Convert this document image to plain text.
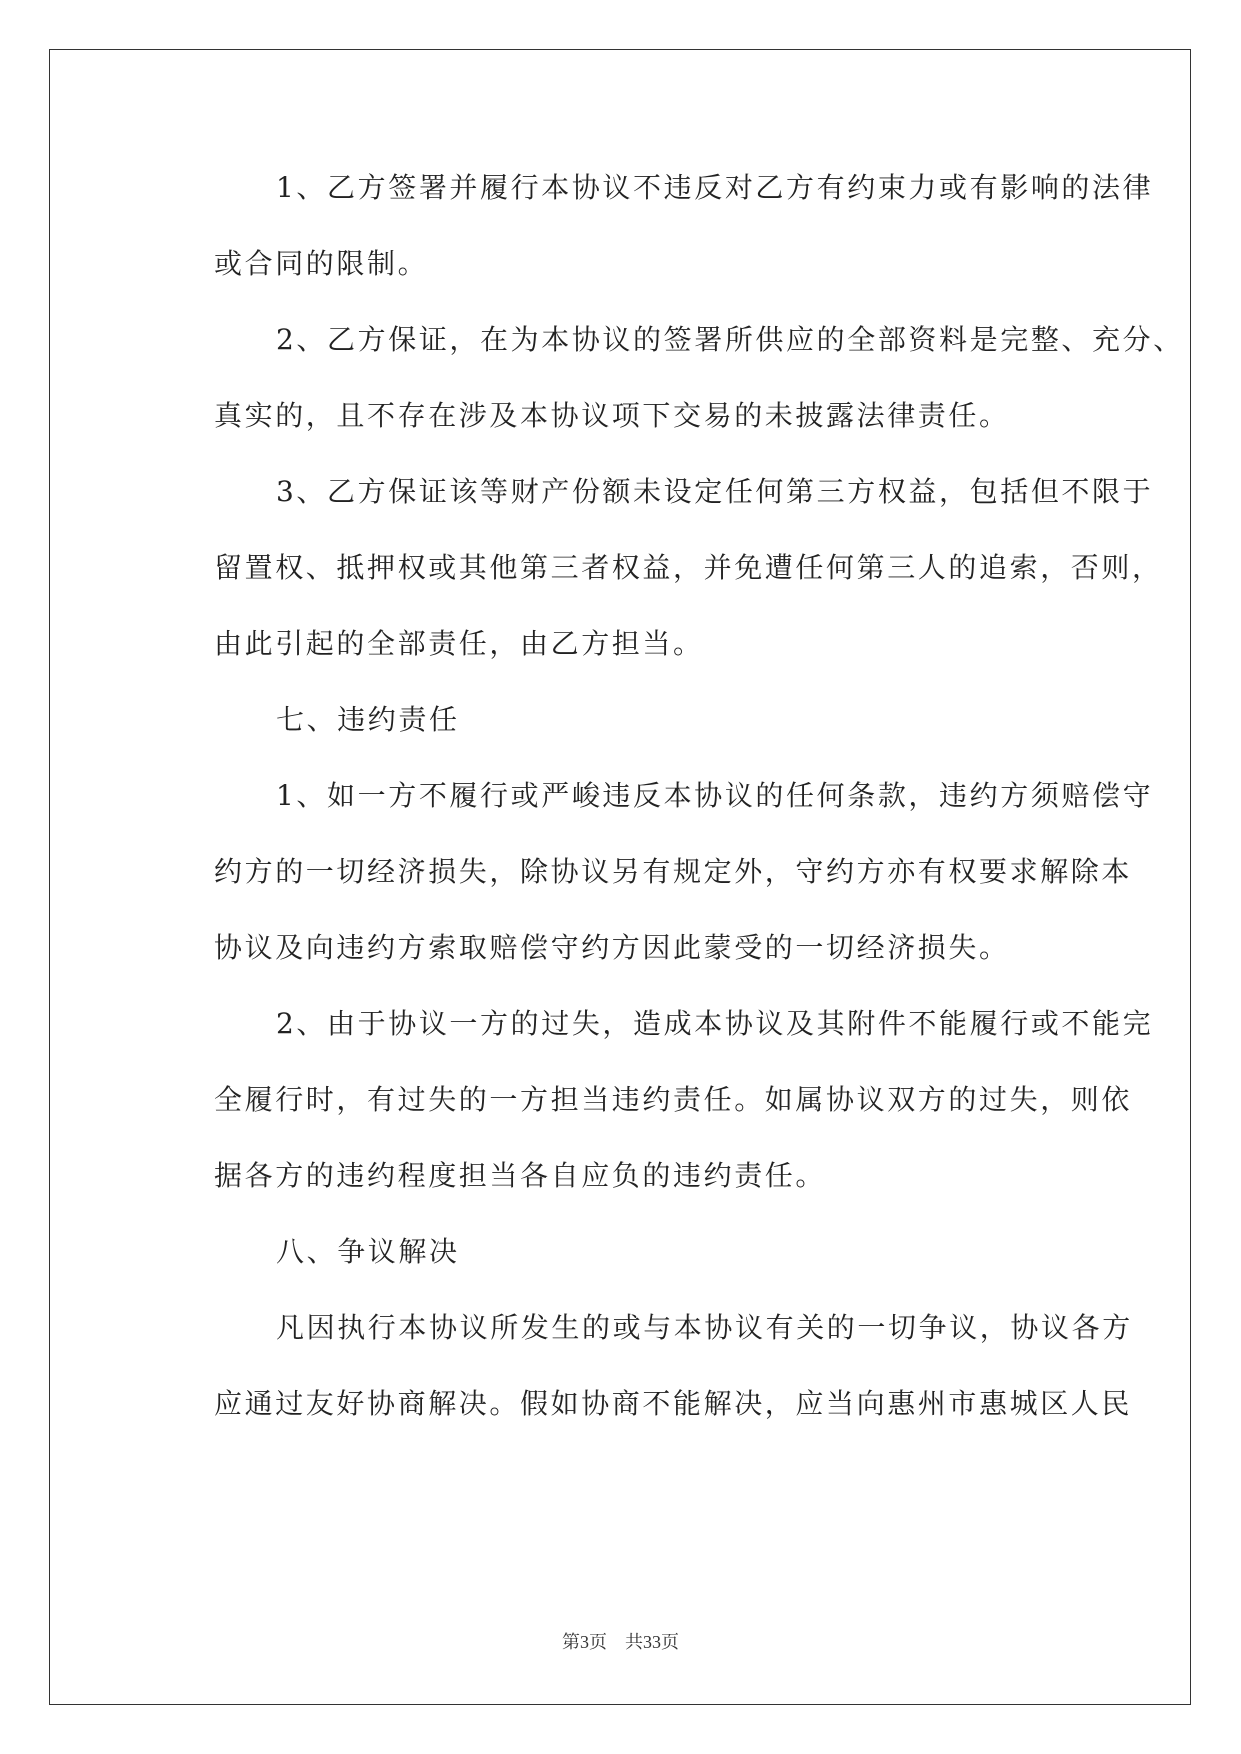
1、乙方签署并履行本协议不违反对乙方有约束力或有影响的法律
或合同的限制。
2、乙方保证，在为本协议的签署所供应的全部资料是完整、充分、
真实的，且不存在涉及本协议项下交易的未披露法律责任。
3、乙方保证该等财产份额未设定任何第三方权益，包括但不限于
留置权、抵押权或其他第三者权益，并免遭任何第三人的追索，否则，
由此引起的全部责任，由乙方担当。
七、违约责任
1、如一方不履行或严峻违反本协议的任何条款，违约方须赔偿守
约方的一切经济损失，除协议另有规定外，守约方亦有权要求解除本
协议及向违约方索取赔偿守约方因此蒙受的一切经济损失。
2、由于协议一方的过失，造成本协议及其附件不能履行或不能完
全履行时，有过失的一方担当违约责任。如属协议双方的过失，则依
据各方的违约程度担当各自应负的违约责任。
八、争议解决
凡因执行本协议所发生的或与本协议有关的一切争议，协议各方
应通过友好协商解决。假如协商不能解决，应当向惠州市惠城区人民
第3页 共33页
